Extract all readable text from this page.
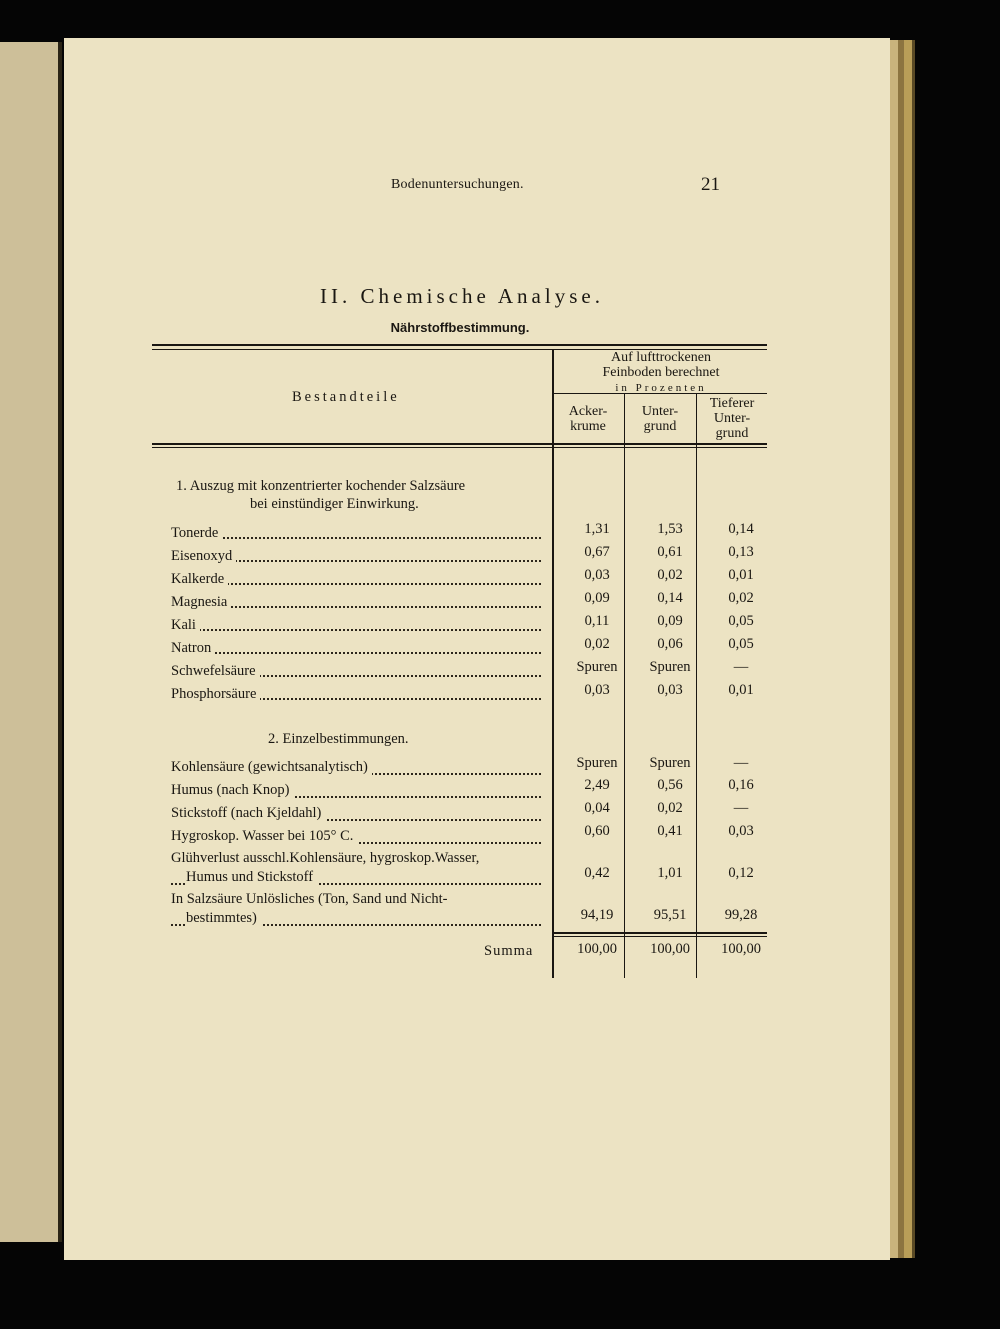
Bodenuntersuchungen.	21
II. Chemische Analyse.
Nährstoffbestimmung.
Bestandteile
Auf lufttrockenen
Feinboden berechnet
in Prozenten
Acker-
krume
Unter-
grund
Tieferer
Unter-
grund
1. Auszug mit konzentrierter kochender Salzsäure
bei einstündiger Einwirkung.
Tonerde	1,31	1,53	0,14
Eisenoxyd	0,67	0,61	0,13
Kalkerde	0,03	0,02	0,01
Magnesia	0,09	0,14	0,02
Kali	0,11	0,09	0,05
Natron	0,02	0,06	0,05
Schwefelsäure	Spuren	Spuren	—
Phosphorsäure	0,03	0,03	0,01
2. Einzelbestimmungen.
Kohlensäure (gewichtsanalytisch)	Spuren	Spuren	—
Humus (nach Knop)	2,49	0,56	0,16
Stickstoff (nach Kjeldahl)	0,04	0,02	—
Hygroskop. Wasser bei 105° C.	0,60	0,41	0,03
Glühverlust ausschl.Kohlensäure, hygroskop.Wasser,
Humus und Stickstoff	0,42	1,01	0,12
In Salzsäure Unlösliches (Ton, Sand und Nicht-
bestimmtes)	94,19	95,51	99,28
Summa	100,00	100,00	100,00
